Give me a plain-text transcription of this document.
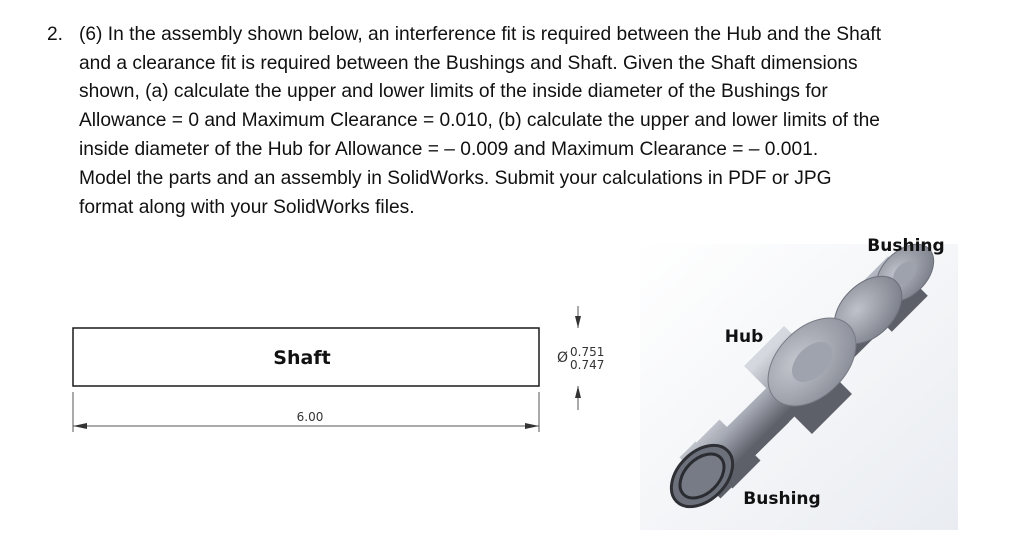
2. (6) In the assembly shown below, an interference fit is required between the Hub and the Shaft
and a clearance fit is required between the Bushings and Shaft. Given the Shaft dimensions
shown, (a) calculate the upper and lower limits of the inside diameter of the Bushings for
Allowance = 0 and Maximum Clearance = 0.010, (b) calculate the upper and lower limits of the
inside diameter of the Hub for Allowance = – 0.009 and Maximum Clearance = – 0.001.
Model the parts and an assembly in SolidWorks. Submit your calculations in PDF or JPG
format along with your SolidWorks files.
Shaft
6.00
Ø 0.751
0.747
Hub
Bushing
Bushing
